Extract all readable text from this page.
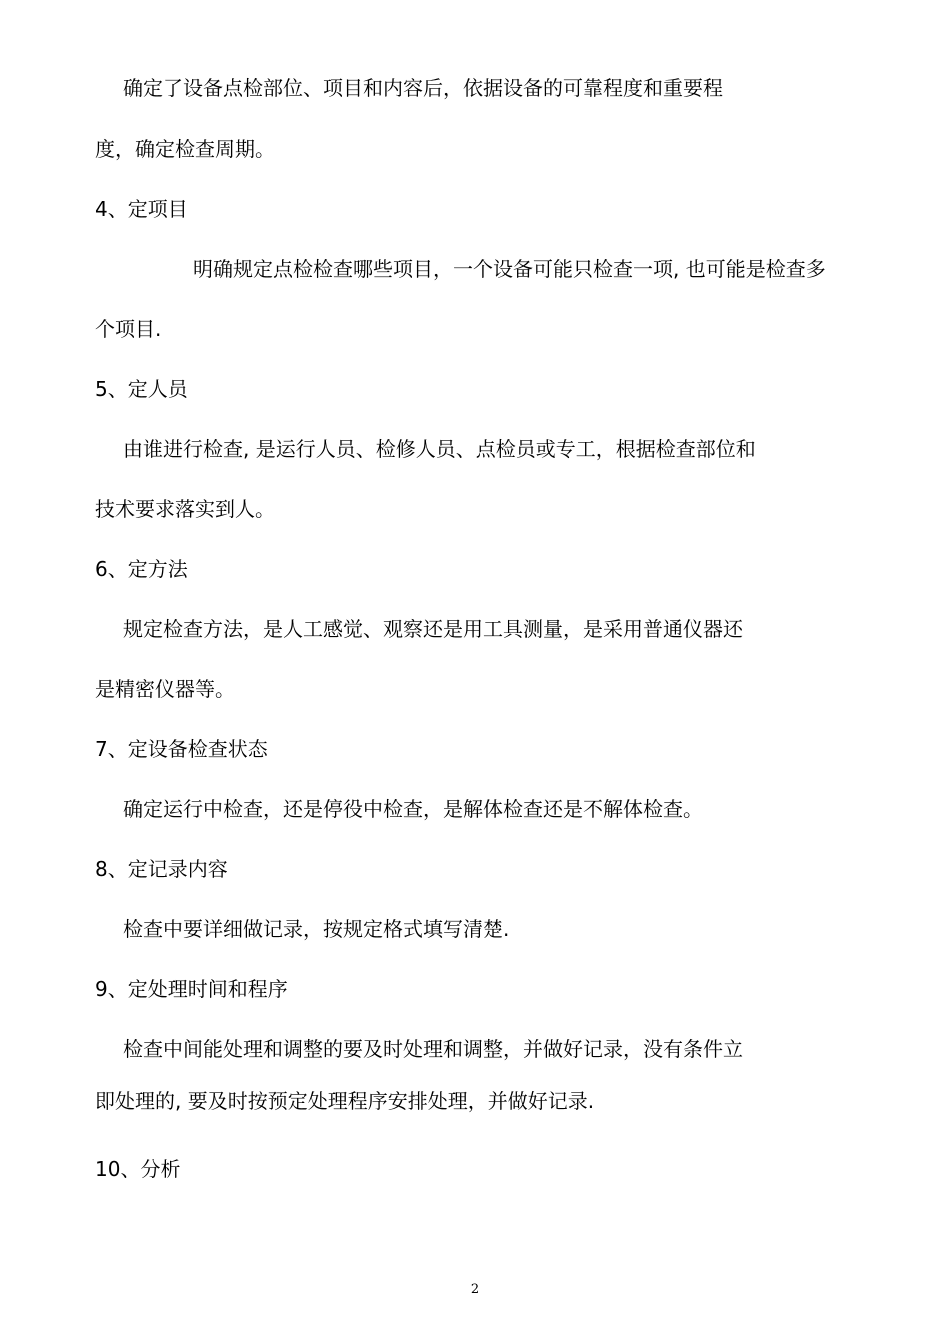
确定了设备点检部位、项目和内容后，依据设备的可靠程度和重要程
度，确定检查周期。
4、定项目
明确规定点检检查哪些项目，一个设备可能只检查一项, 也可能是检查多
个项目.
5、定人员
由谁进行检查, 是运行人员、检修人员、点检员或专工，根据检查部位和
技术要求落实到人。
6、定方法
规定检查方法，是人工感觉、观察还是用工具测量，是采用普通仪器还
是精密仪器等。
7、定设备检查状态
确定运行中检查，还是停役中检查，是解体检查还是不解体检查。
8、定记录内容
检查中要详细做记录，按规定格式填写清楚.
9、定处理时间和程序
检查中间能处理和调整的要及时处理和调整，并做好记录，没有条件立
即处理的, 要及时按预定处理程序安排处理，并做好记录.
10、分析
2
